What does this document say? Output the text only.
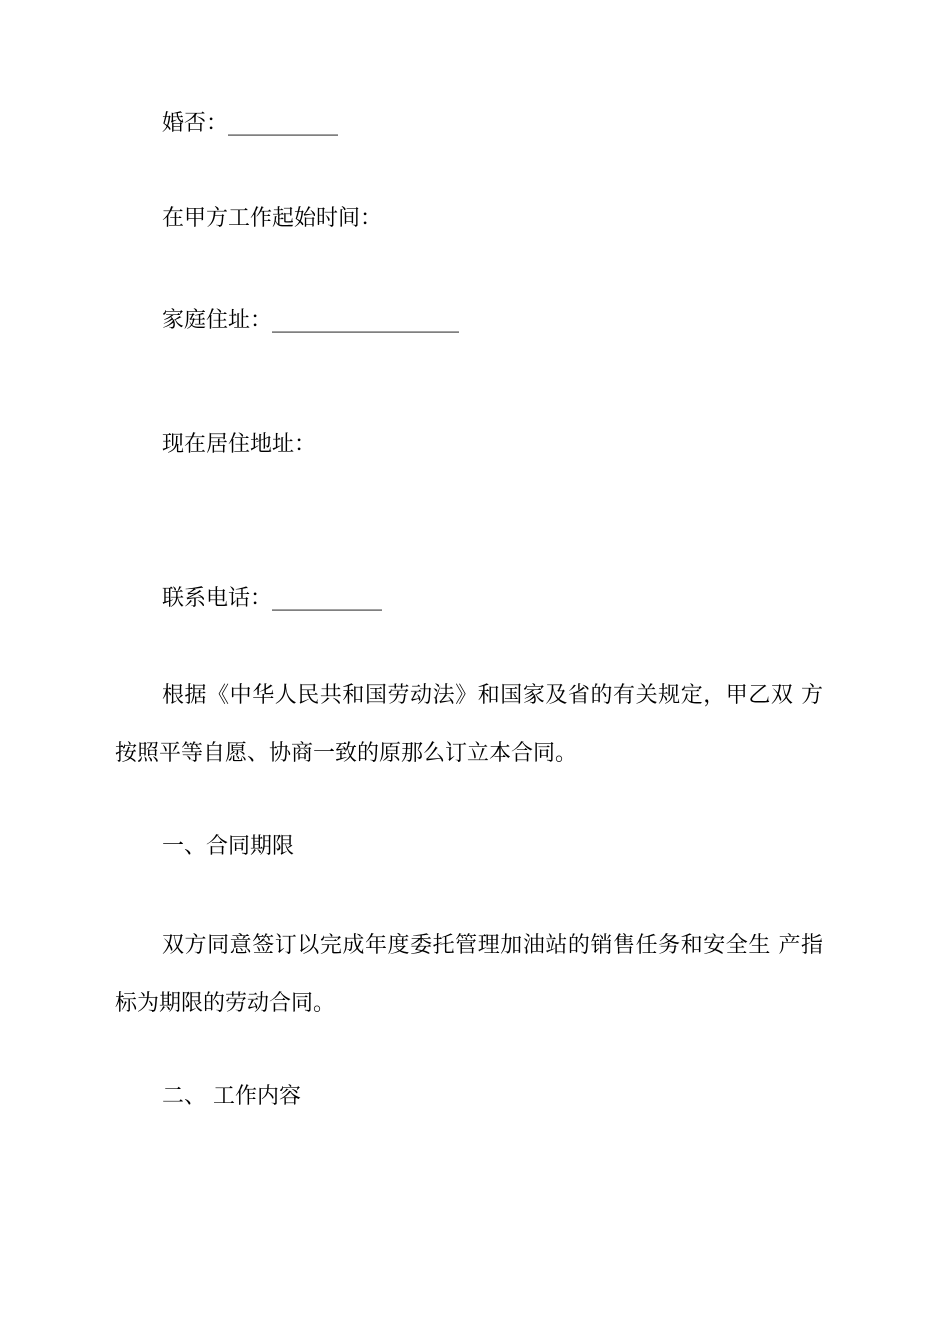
婚否：__________
在甲方工作起始时间：
家庭住址：_________________
现在居住地址：
联系电话：__________
根据《中华人民共和国劳动法》和国家及省的有关规定，甲乙双 方按照平等自愿、协商一致的原那么订立本合同。
一、合同期限
双方同意签订以完成年度委托管理加油站的销售任务和安全生 产指标为期限的劳动合同。
二、 工作内容
